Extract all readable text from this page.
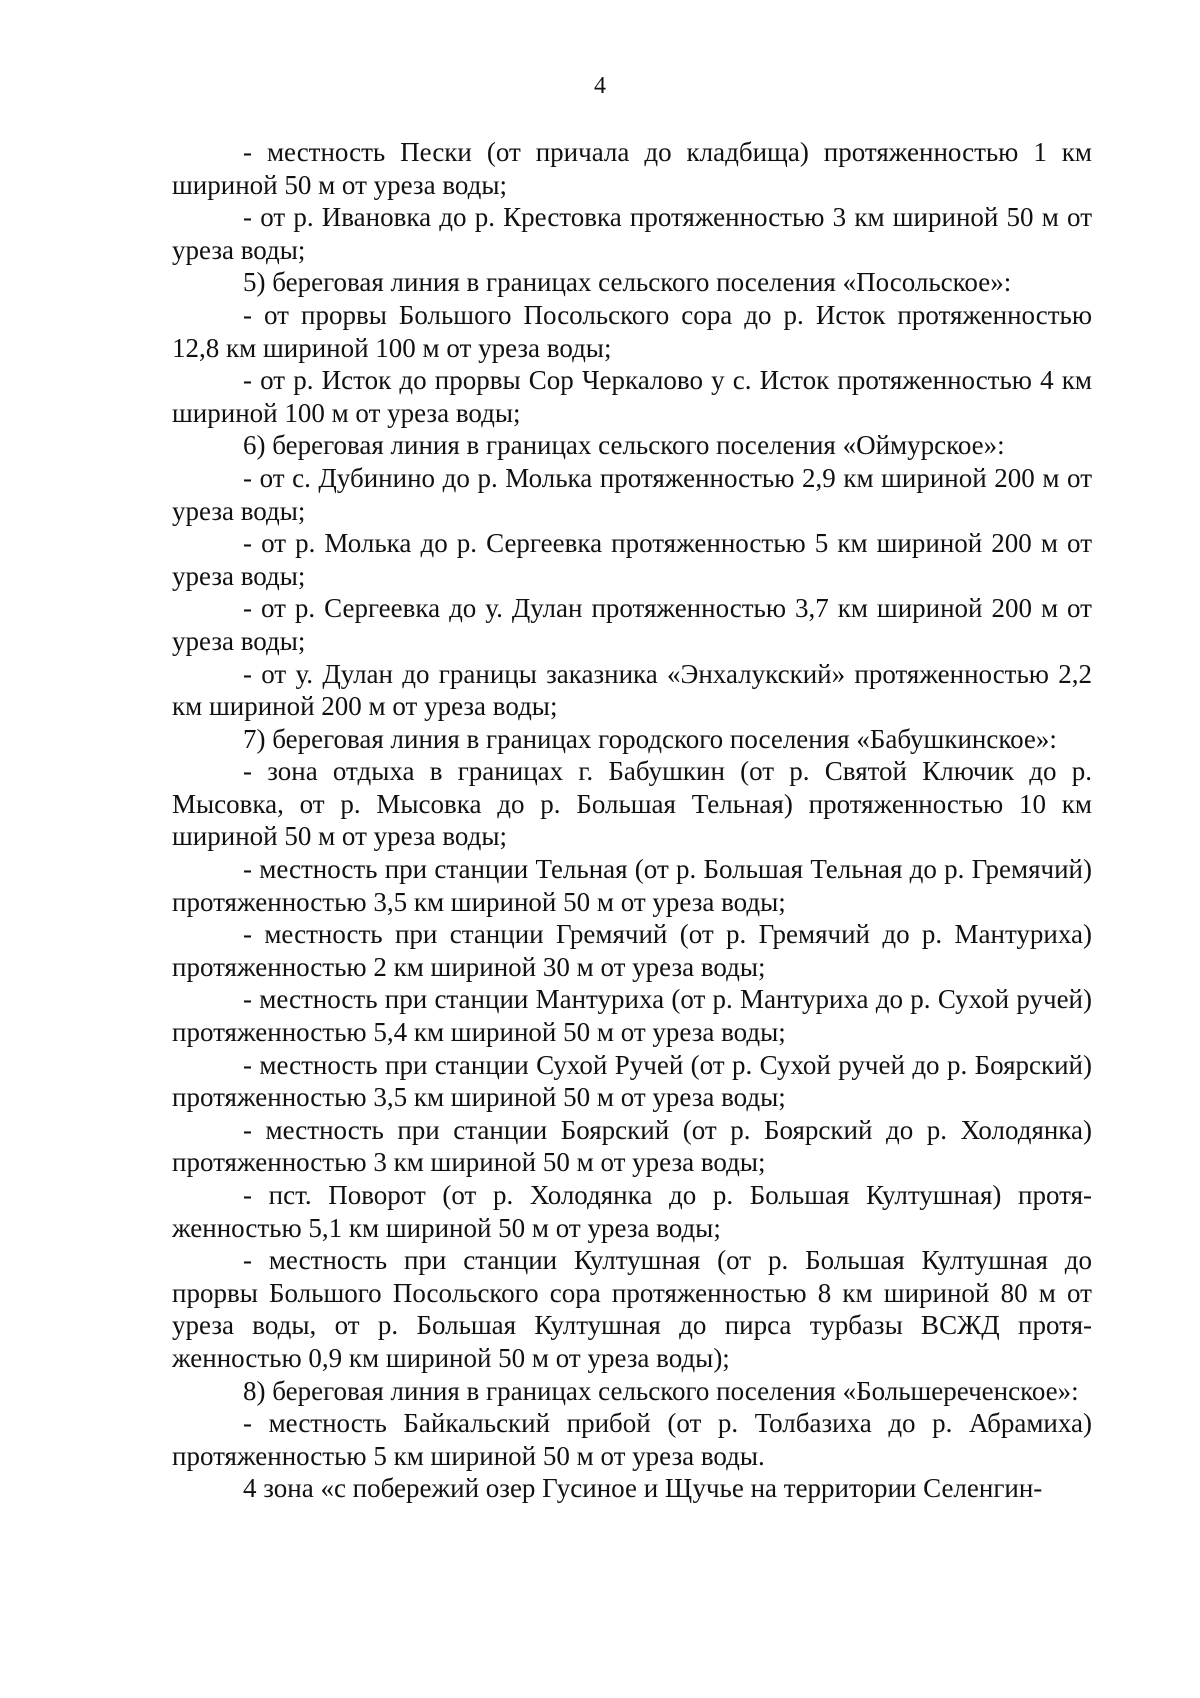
4

- местность Пески (от причала до кладбища) протяженностью 1 км шириной 50 м от уреза воды;

- от р. Ивановка до р. Крестовка протяженностью 3 км шириной 50 м от уреза воды;

5) береговая линия в границах сельского поселения «Посольское»:

- от прорвы Большого Посольского сора до р. Исток протяженностью 12,8 км шириной 100 м от уреза воды;

- от р. Исток до прорвы Сор Черкалово у с. Исток протяженностью 4 км шириной 100 м от уреза воды;

6) береговая линия в границах сельского поселения «Оймурское»:

- от с. Дубинино до р. Молька протяженностью 2,9 км шириной 200 м от уреза воды;

- от р. Молька до р. Сергеевка протяженностью 5 км шириной 200 м от уреза воды;

- от р. Сергеевка до у. Дулан протяженностью 3,7 км шириной 200 м от уреза воды;

- от у. Дулан до границы заказника «Энхалукский» протяженностью 2,2 км шириной 200 м от уреза воды;

7) береговая линия в границах городского поселения «Бабушкинское»:

- зона отдыха в границах г. Бабушкин (от р. Святой Ключик до р. Мысовка, от р. Мысовка до р. Большая Тельная) протяженностью 10 км шириной 50 м от уреза воды;

- местность при станции Тельная (от р. Большая Тельная до р. Гремячий) протяженностью 3,5 км шириной 50 м от уреза воды;

- местность при станции Гремячий (от р. Гремячий до р. Мантуриха) протяженностью 2 км шириной 30 м от уреза воды;

- местность при станции Мантуриха (от р. Мантуриха до р. Сухой ручей) протяженностью 5,4 км шириной 50 м от уреза воды;

- местность при станции Сухой Ручей (от р. Сухой ручей до р. Боярский) протяженностью 3,5 км шириной 50 м от уреза воды;

- местность при станции Боярский (от р. Боярский до р. Холодянка) протяженностью 3 км шириной 50 м от уреза воды;

- пст. Поворот (от р. Холодянка до р. Большая Култушная) протяженностью 5,1 км шириной 50 м от уреза воды;

- местность при станции Култушная (от р. Большая Култушная до прорвы Большого Посольского сора протяженностью 8 км шириной 80 м от уреза воды, от р. Большая Култушная до пирса турбазы ВСЖД протяженностью 0,9 км шириной 50 м от уреза воды);

8) береговая линия в границах сельского поселения «Большереченское»:

- местность Байкальский прибой (от р. Толбазиха до р. Абрамиха) протяженностью 5 км шириной 50 м от уреза воды.

4 зона «с побережий озер Гусиное и Щучье на территории Селенгин-
